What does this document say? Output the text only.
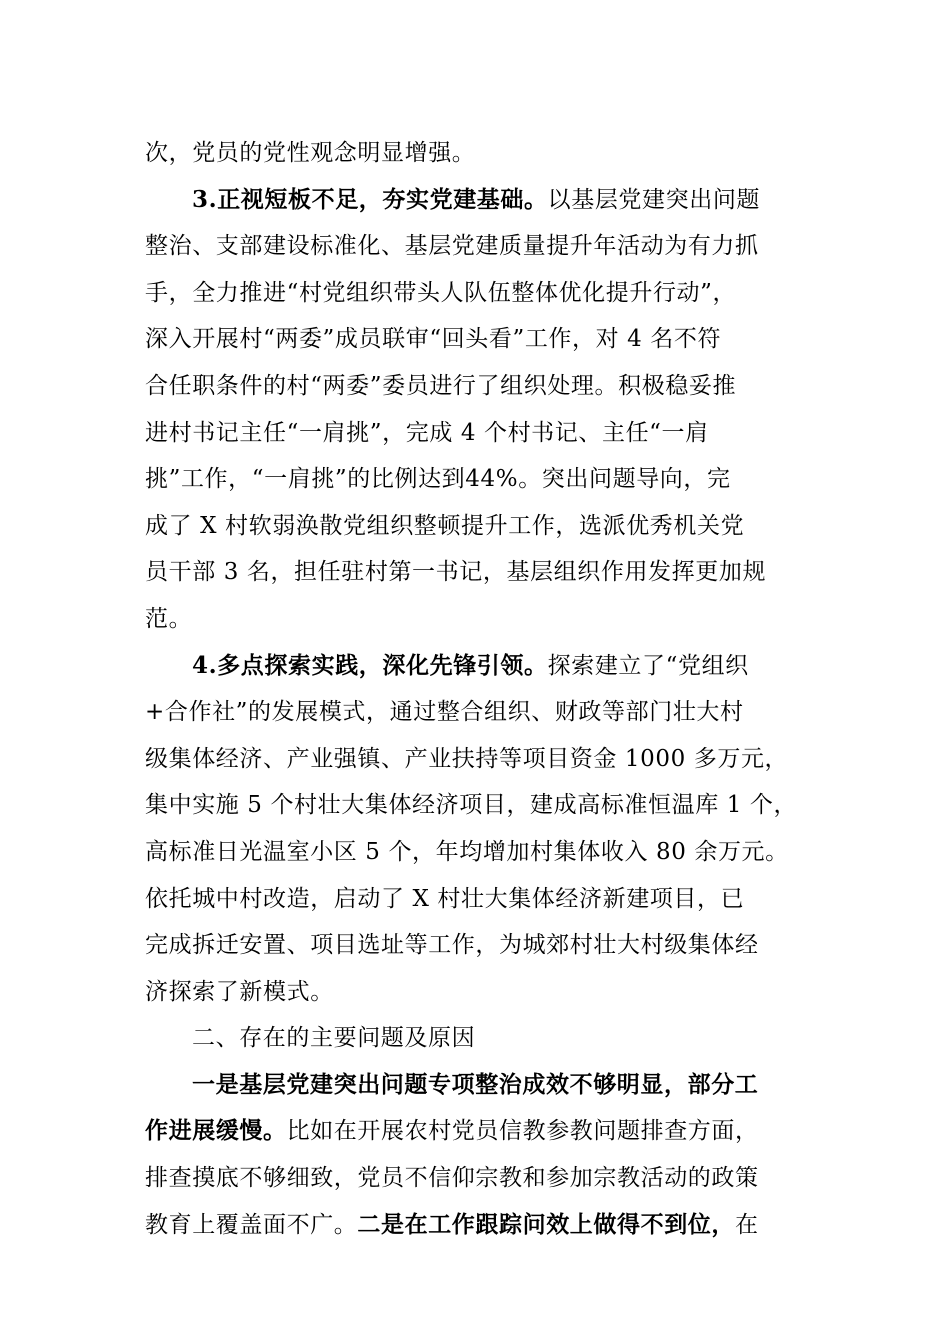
次，党员的党性观念明显增强。
3.正视短板不足，夯实党建基础。以基层党建突出问题
整治、支部建设标准化、基层党建质量提升年活动为有力抓
手，全力推进“村党组织带头人队伍整体优化提升行动”，
深入开展村“两委”成员联审“回头看”工作，对 4 名不符
合任职条件的村“两委”委员进行了组织处理。积极稳妥推
进村书记主任“一肩挑”，完成 4 个村书记、主任“一肩
挑”工作，“一肩挑”的比例达到44%。突出问题导向，完
成了 X 村软弱涣散党组织整顿提升工作，选派优秀机关党
员干部 3 名，担任驻村第一书记，基层组织作用发挥更加规
范。
4.多点探索实践，深化先锋引领。探索建立了“党组织
+合作社”的发展模式，通过整合组织、财政等部门壮大村
级集体经济、产业强镇、产业扶持等项目资金 1000 多万元，
集中实施 5 个村壮大集体经济项目，建成高标准恒温库 1 个，
高标准日光温室小区 5 个，年均增加村集体收入 80 余万元。
依托城中村改造，启动了 X 村壮大集体经济新建项目，已
完成拆迁安置、项目选址等工作，为城郊村壮大村级集体经
济探索了新模式。
二、存在的主要问题及原因
一是基层党建突出问题专项整治成效不够明显，部分工
作进展缓慢。比如在开展农村党员信教参教问题排查方面，
排查摸底不够细致，党员不信仰宗教和参加宗教活动的政策
教育上覆盖面不广。二是在工作跟踪问效上做得不到位，在
